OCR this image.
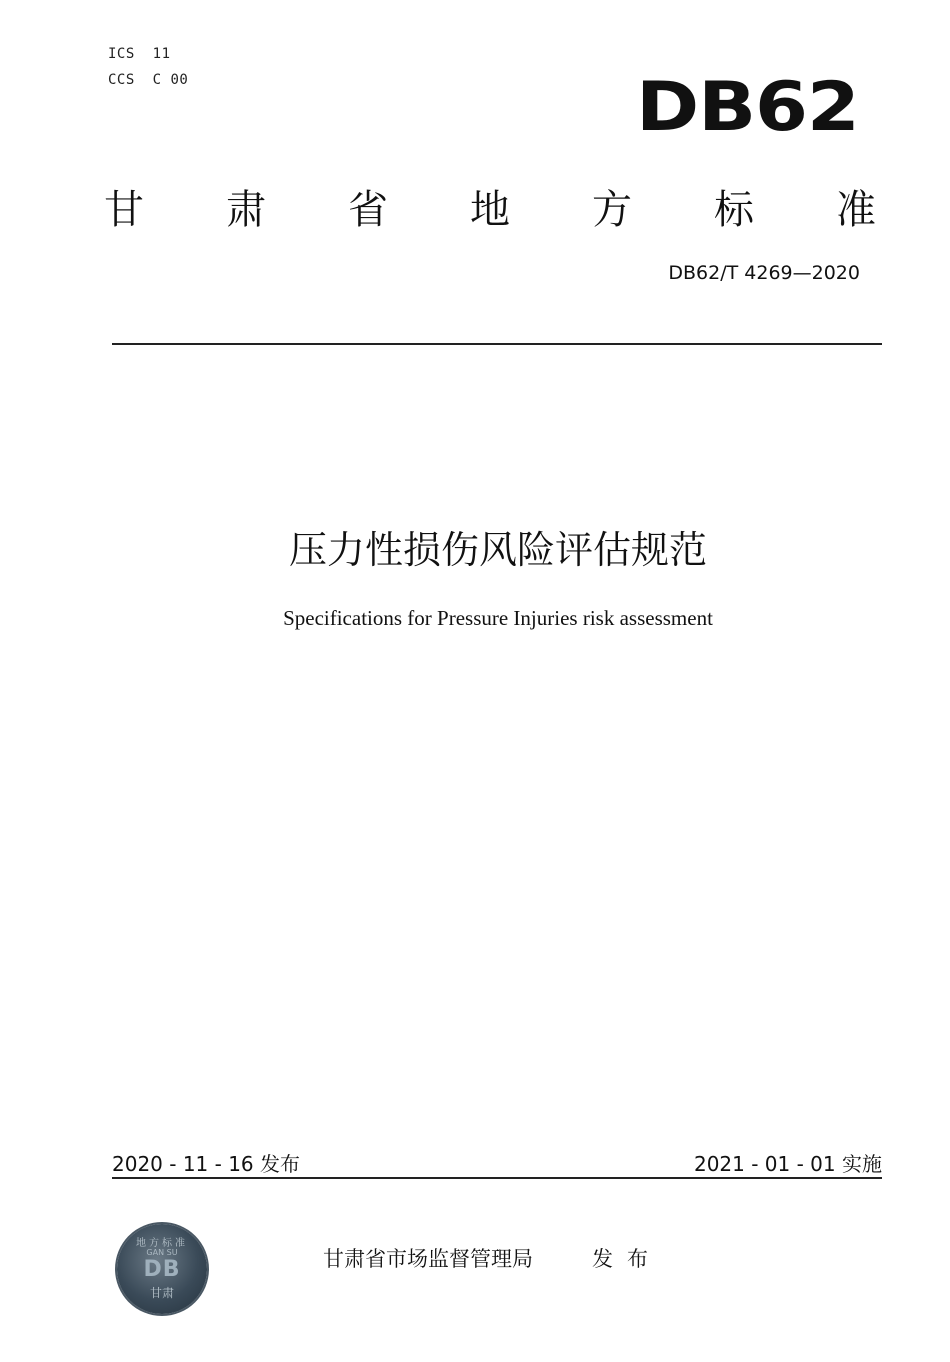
ICS  11
CCS  C 00	DB62
甘 肃 省 地 方 标 准
DB62/T 4269—2020
压力性损伤风险评估规范
Specifications for Pressure Injuries risk assessment
2020 - 11 - 16 发布	2021 - 01 - 01 实施
地方标准
GAN SU
DB
甘肃
甘肃省市场监督管理局	发布
